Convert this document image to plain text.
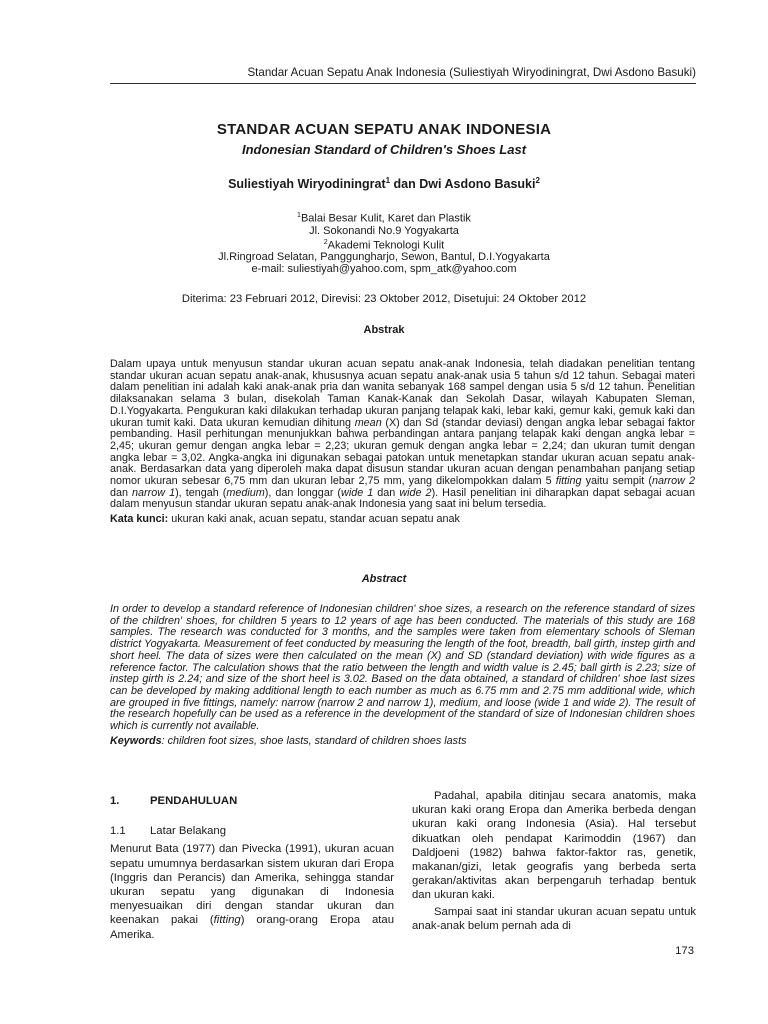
Standar Acuan Sepatu Anak Indonesia (Suliestiyah Wiryodiningrat, Dwi Asdono Basuki)
STANDAR ACUAN SEPATU ANAK INDONESIA
Indonesian Standard of Children's Shoes Last
Suliestiyah Wiryodiningrat$^1$ dan Dwi Asdono Basuki$^2$
$^1$Balai Besar Kulit, Karet dan Plastik
Jl. Sokonandi No.9 Yogyakarta
$^2$Akademi Teknologi Kulit
Jl.Ringroad Selatan, Panggungharjo, Sewon, Bantul, D.I.Yogyakarta
e-mail: suliestiyah@yahoo.com, spm_atk@yahoo.com
Diterima: 23 Februari 2012, Direvisi: 23 Oktober 2012, Disetujui: 24 Oktober 2012
Abstrak

Dalam upaya untuk menyusun standar ukuran acuan sepatu anak-anak Indonesia, telah diadakan penelitian tentang standar ukuran acuan sepatu anak-anak, khususnya acuan sepatu anak-anak usia 5 tahun s/d 12 tahun. Sebagai materi dalam penelitian ini adalah kaki anak-anak pria dan wanita sebanyak 168 sampel dengan usia 5 s/d 12 tahun. Penelitian dilaksanakan selama 3 bulan, disekolah Taman Kanak-Kanak dan Sekolah Dasar, wilayah Kabupaten Sleman, D.I.Yogyakarta. Pengukuran kaki dilakukan terhadap ukuran panjang telapak kaki, lebar kaki, gemur kaki, gemuk kaki dan ukuran tumit kaki. Data ukuran kemudian dihitung mean (X) dan Sd (standar deviasi) dengan angka lebar sebagai faktor pembanding. Hasil perhitungan menunjukkan bahwa perbandingan antara panjang telapak kaki dengan angka lebar = 2,45; ukuran gemur dengan angka lebar = 2,23; ukuran gemuk dengan angka lebar = 2,24; dan ukuran tumit dengan angka lebar = 3,02. Angka-angka ini digunakan sebagai patokan untuk menetapkan standar ukuran acuan sepatu anak-anak. Berdasarkan data yang diperoleh maka dapat disusun standar ukuran acuan dengan penambahan panjang setiap nomor ukuran sebesar 6,75 mm dan ukuran lebar 2,75 mm, yang dikelompokkan dalam 5 fitting yaitu sempit (narrow 2 dan narrow 1), tengah (medium), dan longgar (wide 1 dan wide 2). Hasil penelitian ini diharapkan dapat sebagai acuan dalam menyusun standar ukuran sepatu anak-anak Indonesia yang saat ini belum tersedia.

Kata kunci: ukuran kaki anak, acuan sepatu, standar acuan sepatu anak

Abstract

In order to develop a standard reference of Indonesian children' shoe sizes, a research on the reference standard of sizes of the children' shoes, for children 5 years to 12 years of age has been conducted. The materials of this study are 168 samples. The research was conducted for 3 months, and the samples were taken from elementary schools of Sleman district Yogyakarta. Measurement of feet conducted by measuring the length of the foot, breadth, ball girth, instep girth and short heel. The data of sizes were then calculated on the mean (X) and SD (standard deviation) with wide figures as a reference factor. The calculation shows that the ratio between the length and width value is 2.45; ball girth is 2.23; size of instep girth is 2.24; and size of the short heel is 3.02. Based on the data obtained, a standard of children' shoe last sizes can be developed by making additional length to each number as much as 6.75 mm and 2.75 mm additional wide, which are grouped in five fittings, namely: narrow (narrow 2 and narrow 1), medium, and loose (wide 1 and wide 2). The result of the research hopefully can be used as a reference in the development of the standard of size of Indonesian children shoes which is currently not available.

Keywords: children foot sizes, shoe lasts, standard of children shoes lasts

1.	PENDAHULUAN
1.1 Latar Belakang

Menurut Bata (1977) dan Pivecka (1991), ukuran acuan sepatu umumnya berdasarkan sistem ukuran dari Eropa (Inggris dan Perancis) dan Amerika, sehingga standar ukuran sepatu yang digunakan di Indonesia menyesuaikan diri dengan standar ukuran dan keenakan pakai (fitting) orang-orang Eropa atau Amerika.

Padahal, apabila ditinjau secara anatomis, maka ukuran kaki orang Eropa dan Amerika berbeda dengan ukuran kaki orang Indonesia (Asia). Hal tersebut dikuatkan oleh pendapat Karimoddin (1967) dan Daldjoeni (1982) bahwa faktor-faktor ras, genetik, makanan/gizi, letak geografis yang berbeda serta gerakan/aktivitas akan berpengaruh terhadap bentuk dan ukuran kaki.

Sampai saat ini standar ukuran acuan sepatu untuk anak-anak belum pernah ada di

173
